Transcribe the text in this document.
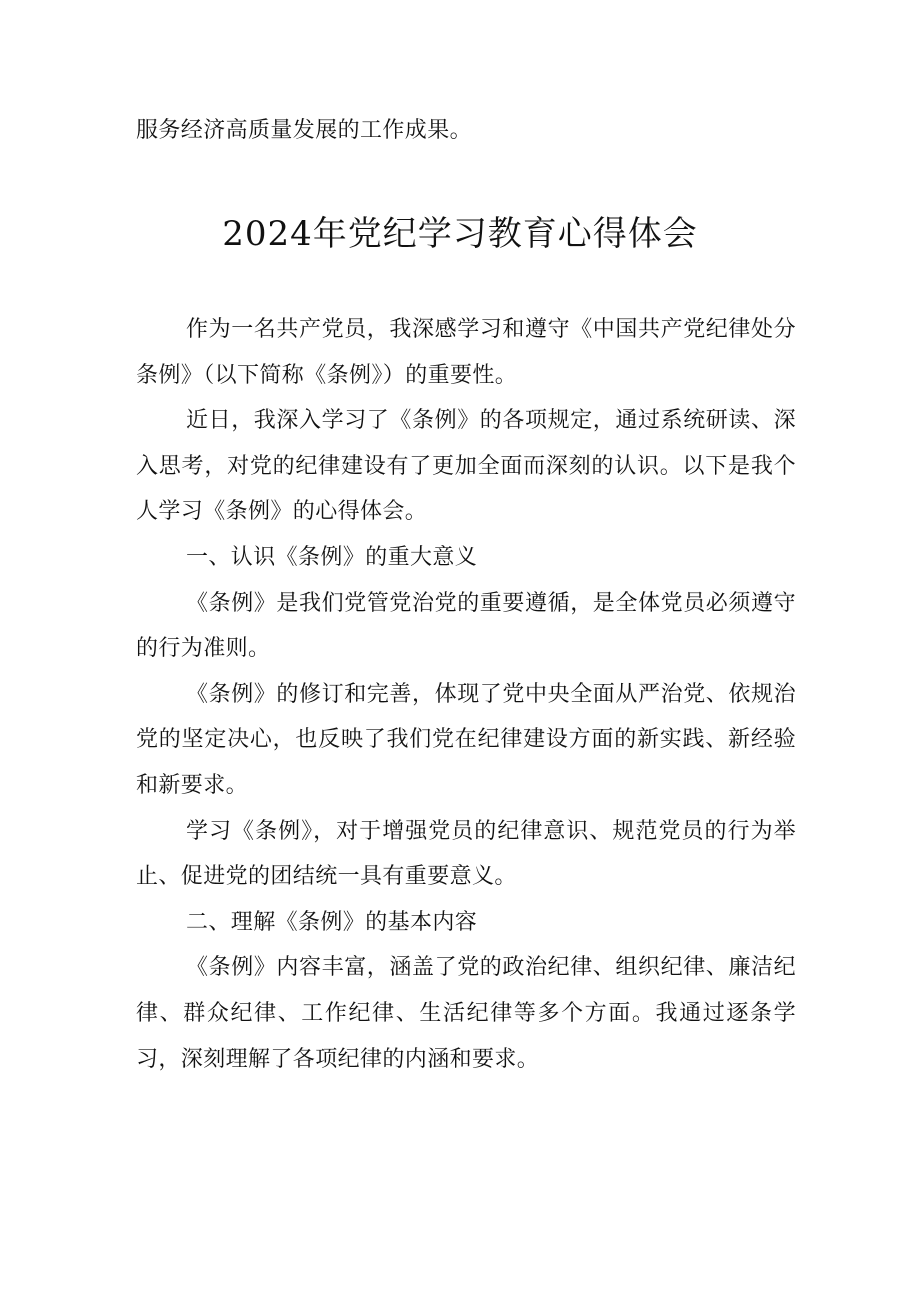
服务经济高质量发展的工作成果。

2024年党纪学习教育心得体会

作为一名共产党员，我深感学习和遵守《中国共产党纪律处分条例》（以下简称《条例》）的重要性。

近日，我深入学习了《条例》的各项规定，通过系统研读、深入思考，对党的纪律建设有了更加全面而深刻的认识。以下是我个人学习《条例》的心得体会。

一、认识《条例》的重大意义

《条例》是我们党管党治党的重要遵循，是全体党员必须遵守的行为准则。

《条例》的修订和完善，体现了党中央全面从严治党、依规治党的坚定决心，也反映了我们党在纪律建设方面的新实践、新经验和新要求。

学习《条例》，对于增强党员的纪律意识、规范党员的行为举止、促进党的团结统一具有重要意义。

二、理解《条例》的基本内容

《条例》内容丰富，涵盖了党的政治纪律、组织纪律、廉洁纪律、群众纪律、工作纪律、生活纪律等多个方面。我通过逐条学习，深刻理解了各项纪律的内涵和要求。
